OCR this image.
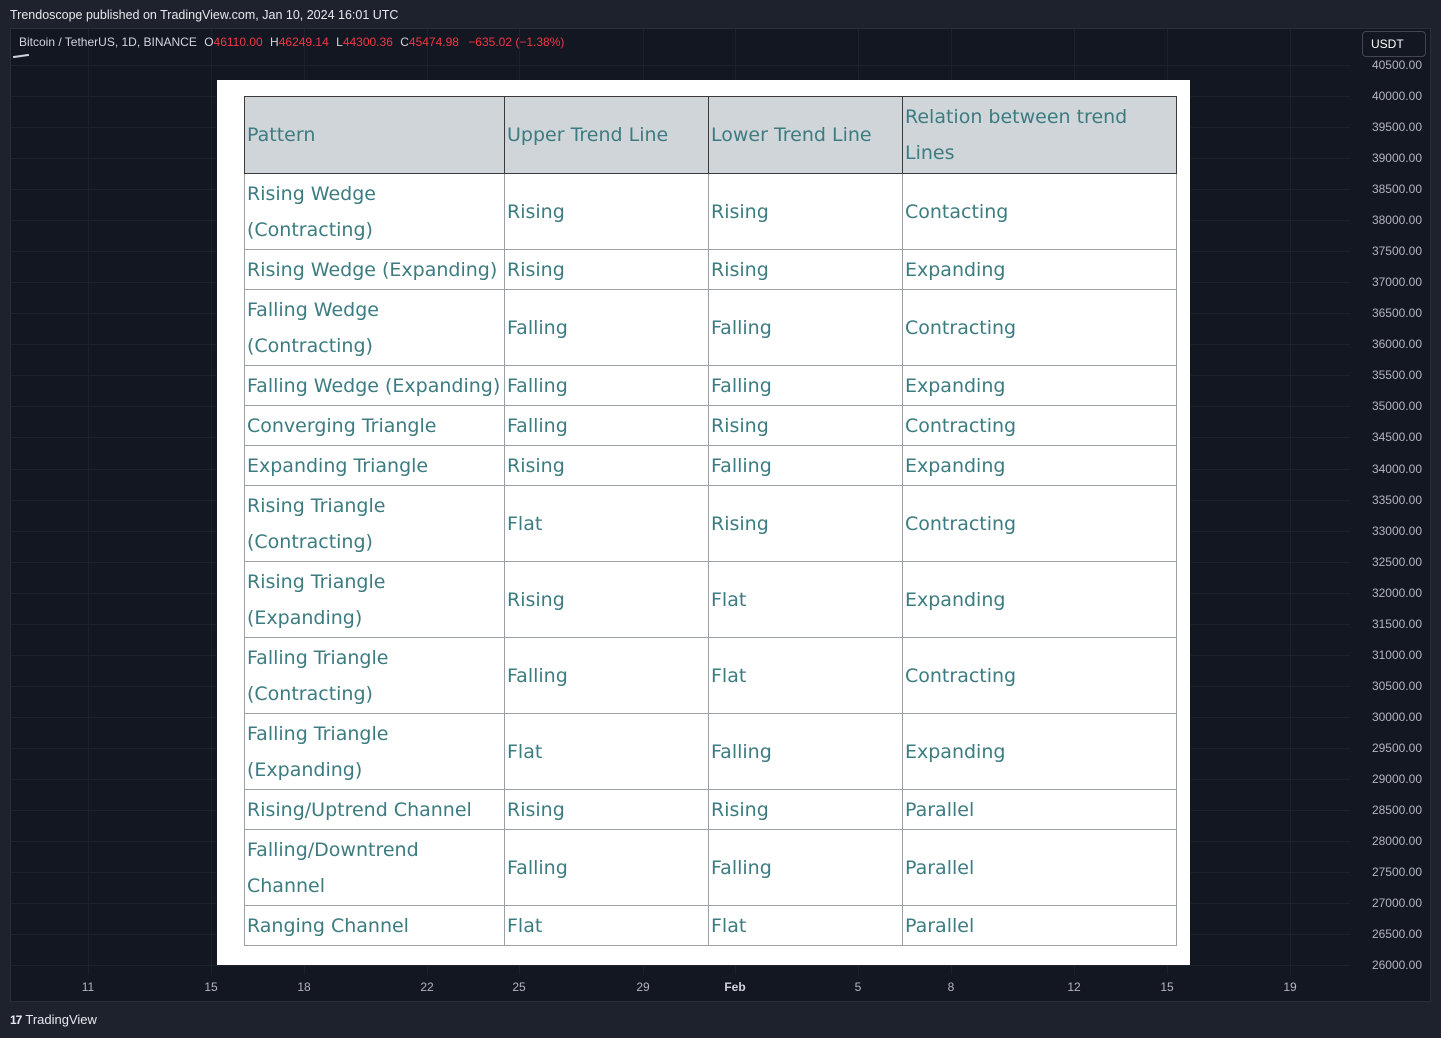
Trendoscope published on TradingView.com, Jan 10, 2024 16:01 UTC
Bitcoin / TetherUS, 1D, BINANCE O46110.00 H46249.14 L44300.36 C45474.98 −635.02 (−1.38%)	USDT
40500.00
40000.00
39500.00
39000.00
38500.00
38000.00
37500.00
37000.00
36500.00
36000.00
35500.00
35000.00
34500.00
34000.00
33500.00
33000.00
32500.00
32000.00
31500.00
31000.00
30500.00
30000.00
29500.00
29000.00
28500.00
28000.00
27500.00
27000.00
26500.00
26000.00
11	15	18	22	25	29	Feb	5	8	12	15	19
Pattern	Upper Trend Line	Lower Trend Line	Relation between trend Lines
Rising Wedge (Contracting)	Rising	Rising	Contacting
Rising Wedge (Expanding)	Rising	Rising	Expanding
Falling Wedge (Contracting)	Falling	Falling	Contracting
Falling Wedge (Expanding)	Falling	Falling	Expanding
Converging Triangle	Falling	Rising	Contracting
Expanding Triangle	Rising	Falling	Expanding
Rising Triangle (Contracting)	Flat	Rising	Contracting
Rising Triangle (Expanding)	Rising	Flat	Expanding
Falling Triangle (Contracting)	Falling	Flat	Contracting
Falling Triangle (Expanding)	Flat	Falling	Expanding
Rising/Uptrend Channel	Rising	Rising	Parallel
Falling/Downtrend Channel	Falling	Falling	Parallel
Ranging Channel	Flat	Flat	Parallel
17 TradingView
